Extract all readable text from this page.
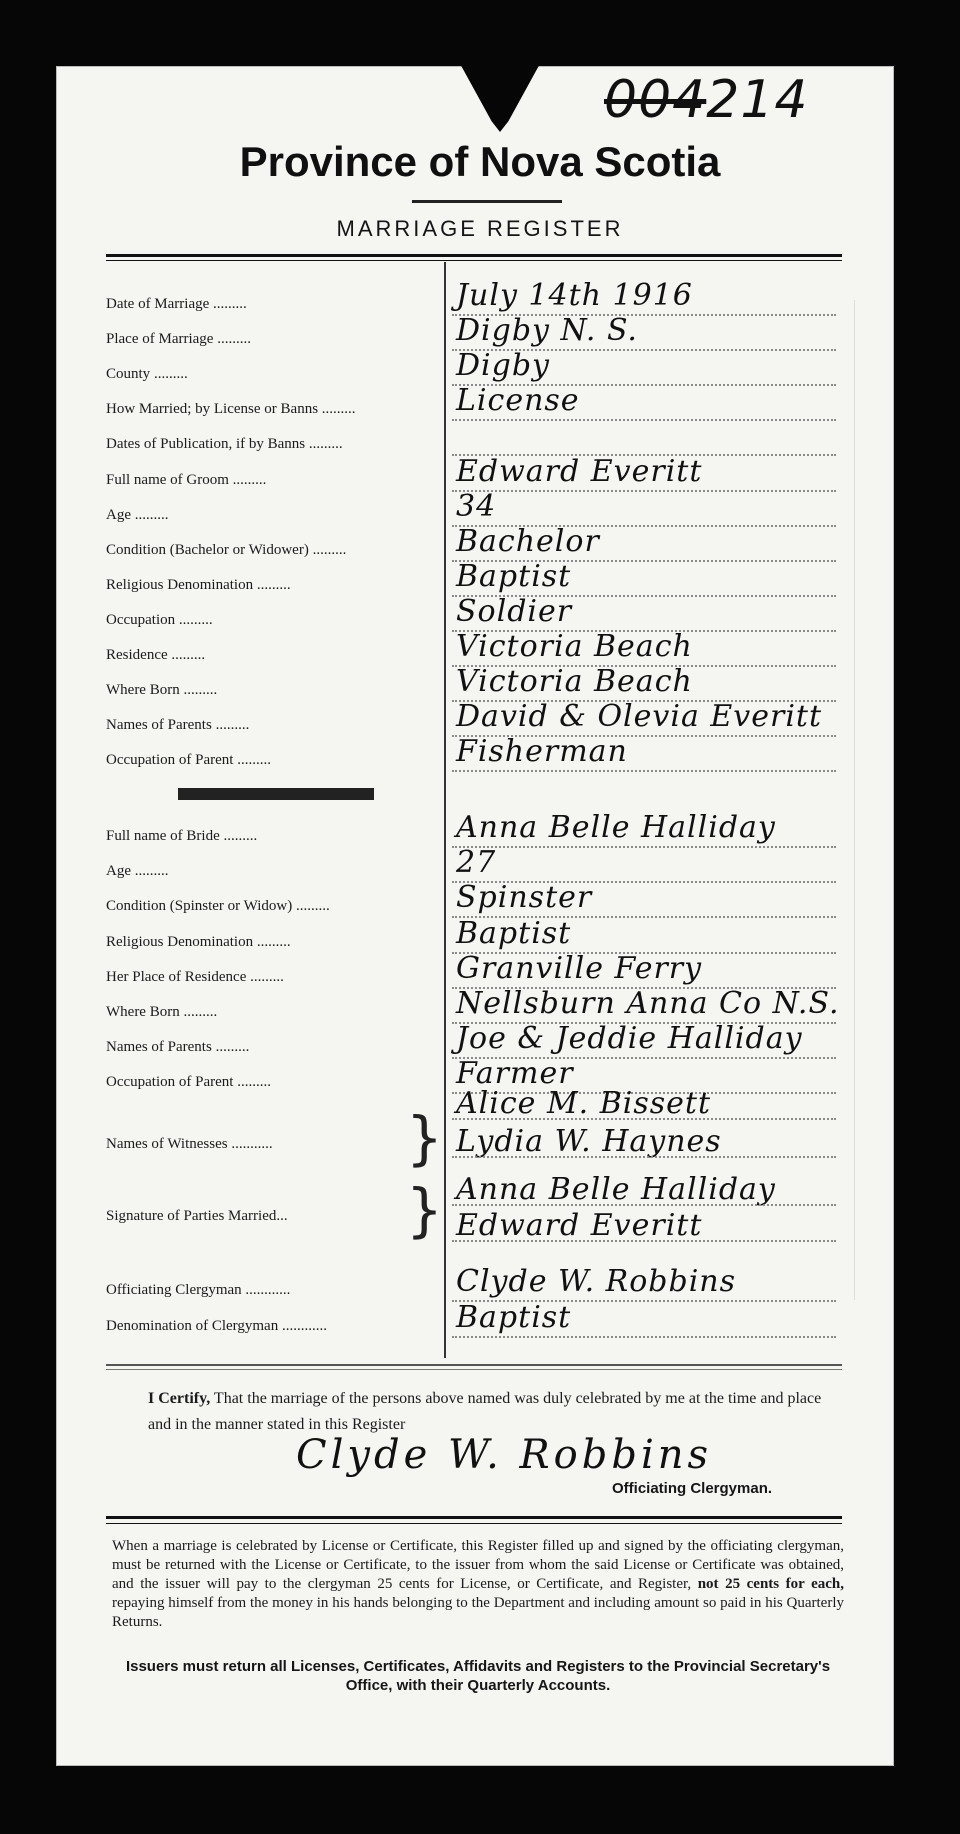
004214
Province of Nova Scotia
MARRIAGE REGISTER
Date of Marriage .........	July 14th 1916
Place of Marriage .........	Digby N. S.
County .........	Digby
How Married; by License or Banns .........	License
Dates of Publication, if by Banns .........
Full name of Groom .........	Edward Everitt
Age .........	34
Condition (Bachelor or Widower) .........	Bachelor
Religious Denomination .........	Baptist
Occupation .........	Soldier
Residence .........	Victoria Beach
Where Born .........	Victoria Beach
Names of Parents .........	David & Olevia Everitt
Occupation of Parent .........	Fisherman
Full name of Bride .........	Anna Belle Halliday
Age .........	27
Condition (Spinster or Widow) .........	Spinster
Religious Denomination .........	Baptist
Her Place of Residence .........	Granville Ferry
Where Born .........	Nellsburn Anna Co N.S.
Names of Parents .........	Joe & Jeddie Halliday
Occupation of Parent .........	Farmer
Names of Witnesses ........... }
Alice M. Bissett
Lydia W. Haynes
Signature of Parties Married... } Anna Belle Halliday
Edward Everitt
Officiating Clergyman ............	Clyde W. Robbins
Denomination of Clergyman ............	Baptist
I Certify, That the marriage of the persons above named was duly celebrated by me at the time and place and in the manner stated in this Register
Clyde W. Robbins
Officiating Clergyman.
When a marriage is celebrated by License or Certificate, this Register filled up and signed by the officiating clergyman, must be returned with the License or Certificate, to the issuer from whom the said License or Certificate was obtained, and the issuer will pay to the clergyman 25 cents for License, or Certificate, and Register, not 25 cents for each, repaying himself from the money in his hands belonging to the Department and including amount so paid in his Quarterly Returns.
Issuers must return all Licenses, Certificates, Affidavits and Registers to the Provincial Secretary's Office, with their Quarterly Accounts.
